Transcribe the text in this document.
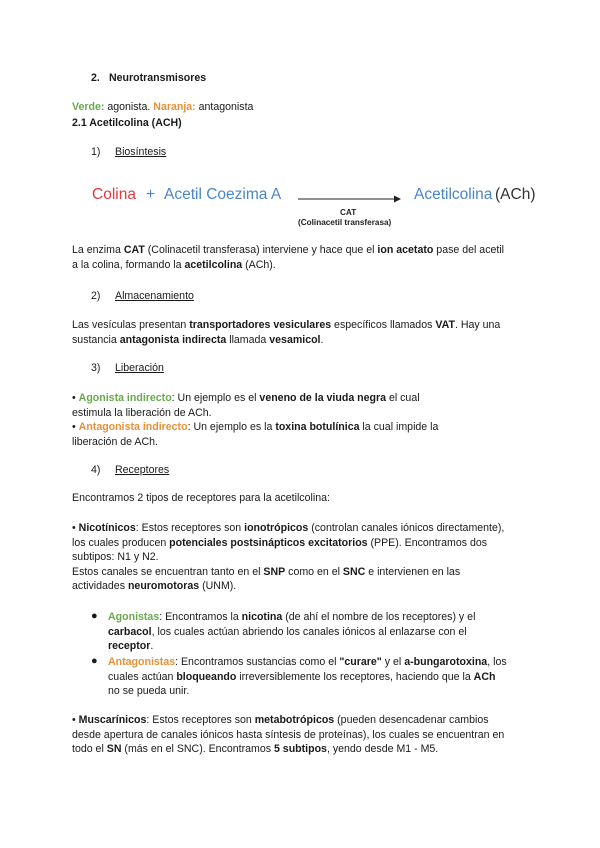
2. Neurotransmisores
Verde: agonista. Naranja: antagonista
2.1 Acetilcolina (ACH)
1) Biosíntesis
Colina + Acetil Coezima A
CAT
(Colinacetil transferasa)
Acetilcolina (ACh)
La enzima CAT (Colinacetil transferasa) interviene y hace que el ion acetato pase del acetil
a la colina, formando la acetilcolina (ACh).
2) Almacenamiento
Las vesículas presentan transportadores vesiculares específicos llamados VAT. Hay una
sustancia antagonista indirecta llamada vesamicol.
3) Liberación
• Agonista indirecto: Un ejemplo es el veneno de la viuda negra el cual
estimula la liberación de ACh.
• Antagonista indirecto: Un ejemplo es la toxina botulínica la cual impide la
liberación de ACh.
4) Receptores
Encontramos 2 tipos de receptores para la acetilcolina:
• Nicotínicos: Estos receptores son ionotrópicos (controlan canales iónicos directamente),
los cuales producen potenciales postsinápticos excitatorios (PPE). Encontramos dos
subtipos: N1 y N2.
Estos canales se encuentran tanto en el SNP como en el SNC e intervienen en las
actividades neuromotoras (UNM).
● Agonistas: Encontramos la nicotina (de ahí el nombre de los receptores) y el
carbacol, los cuales actúan abriendo los canales iónicos al enlazarse con el
receptor.
● Antagonistas: Encontramos sustancias como el "curare" y el a-bungarotoxina, los
cuales actúan bloqueando irreversiblemente los receptores, haciendo que la ACh
no se pueda unir.
• Muscarínicos: Estos receptores son metabotrópicos (pueden desencadenar cambios
desde apertura de canales iónicos hasta síntesis de proteínas), los cuales se encuentran en
todo el SN (más en el SNC). Encontramos 5 subtipos, yendo desde M1 - M5.
